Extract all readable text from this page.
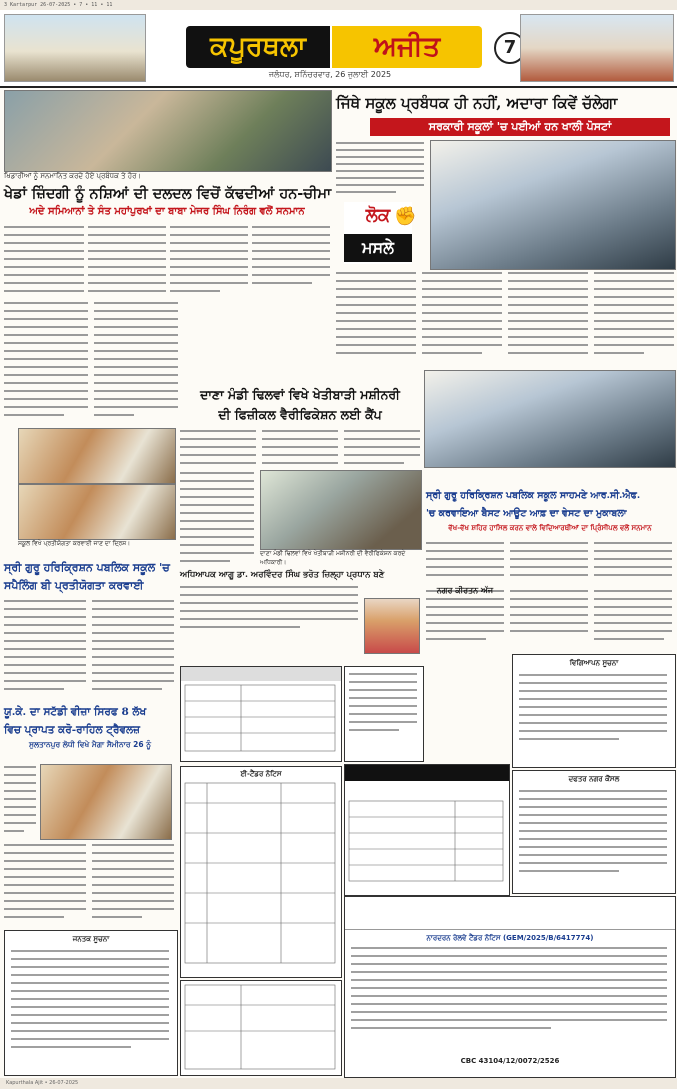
3 Kartarpur 26-07-2025 • 7 • 11 • 11
ਕਪੂਰਥਲਾ	ਅਜੀਤ	7
ਜਲੰਧਰ, ਸ਼ਨਿੱਚਰਵਾਰ, 26 ਜੁਲਾਈ 2025
ਖਿਡਾਰੀਆਂ ਨੂੰ ਸਨਮਾਨਿਤ ਕਰਦੇ ਹੋਏ ਪ੍ਰਬੰਧਕ ਤੇ ਹੋਰ।
ਖੇਡਾਂ ਜ਼ਿੰਦਗੀ ਨੂੰ ਨਸ਼ਿਆਂ ਦੀ ਦਲਦਲ ਵਿਚੋਂ ਕੱਢਦੀਆਂ ਹਨ-ਚੀਮਾ
ਅਦੇ ਸਮਿਆਨਾਂ ਤੇ ਸੰਤ ਮਹਾਂਪੁਰਖਾਂ ਦਾ ਬਾਬਾ ਮੇਜਰ ਸਿੰਘ ਨਿਰੰਗ ਵਲੋਂ ਸਨਮਾਨ
ਜਿੱਥੇ ਸਕੂਲ ਪ੍ਰਬੰਧਕ ਹੀ ਨਹੀਂ, ਅਦਾਰਾ ਕਿਵੇਂ ਚੱਲੇਗਾ
ਸਰਕਾਰੀ ਸਕੂਲਾਂ 'ਚ ਪਈਆਂ ਹਨ ਖਾਲੀ ਪੋਸਟਾਂ
ਲੋਕ ✊
ਮਸਲੇ
ਦਾਣਾ ਮੰਡੀ ਢਿਲਵਾਂ ਵਿਖੇ ਖੇਤੀਬਾੜੀ ਮਸ਼ੀਨਰੀ
ਦੀ ਫਿਜ਼ੀਕਲ ਵੈਰੀਫਿਕੇਸ਼ਨ ਲਈ ਕੈਂਪ
ਦਾਣਾ ਮੰਡੀ ਢਿਲਵਾਂ ਵਿਖੇ ਖੇਤੀਬਾੜੀ ਮਸ਼ੀਨਰੀ ਦੀ ਵੈਰੀਫਿਕੇਸ਼ਨ ਕਰਦੇ ਅਧਿਕਾਰੀ।
ਸਕੂਲ ਵਿਖੇ ਪ੍ਰਤੀਯੋਗਤਾ ਕਰਵਾਈ ਜਾਣ ਦਾ ਦ੍ਰਿਸ਼।
ਸ੍ਰੀ ਗੁਰੂ ਹਰਿਕ੍ਰਿਸ਼ਨ ਪਬਲਿਕ ਸਕੂਲ 'ਚ
ਸਪੈਲਿੰਗ ਬੀ ਪ੍ਰਤੀਯੋਗਤਾ ਕਰਵਾਈ
ਸ੍ਰੀ ਗੁਰੂ ਹਰਿਕ੍ਰਿਸ਼ਨ ਪਬਲਿਕ ਸਕੂਲ ਸਾਹਮਣੇ ਆਰ.ਸੀ.ਐਫ.
'ਚ ਕਰਵਾਇਆ ਬੈਸਟ ਆਊਟ ਆਫ਼ ਦਾ ਵੇਸਟ ਦਾ ਮੁਕਾਬਲਾ
ਵੱਖ-ਵੱਖ ਸ਼ਹਿਰ ਹਾਸਿਲ ਕਰਨ ਵਾਲੇ ਵਿਦਿਆਰਥੀਆਂ ਦਾ ਪ੍ਰਿੰਸੀਪਲ ਵਲੋਂ ਸਨਮਾਨ
ਨਗਰ ਕੀਰਤਨ ਅੱਜ
ਅਧਿਆਪਕ ਆਗੂ ਡਾ. ਅਰਵਿੰਦਰ ਸਿੰਘ ਭਰੋਤ ਜ਼ਿਲ੍ਹਾ ਪ੍ਰਧਾਨ ਬਣੇ
ਯੂ.ਕੇ. ਦਾ ਸਟੱਡੀ ਵੀਜ਼ਾ ਸਿਰਫ 8 ਲੱਖ
ਵਿਚ ਪ੍ਰਾਪਤ ਕਰੋ-ਰਾਹਿਲ ਟ੍ਰੈਵਲਜ਼
ਸੁਲਤਾਨਪੁਰ ਲੋਧੀ ਵਿਖੇ ਮੈਗਾ ਸੈਮੀਨਾਰ 26 ਨੂੰ
ਜਨਤਕ ਸੂਚਨਾ
ਈ-ਟੈਂਡਰ ਨੋਟਿਸ
ਨਾਰਦਰਨ ਰੇਲਵੇ ਟੈਂਡਰ ਨੋਟਿਸ (GEM/2025/B/6417774)
CBC 43104/12/0072/2526
ਵਿਗਿਆਪਨ ਸੂਚਨਾ
ਦਫਤਰ ਨਗਰ ਕੌਂਸਲ
Kapurthala Ajit • 26-07-2025
